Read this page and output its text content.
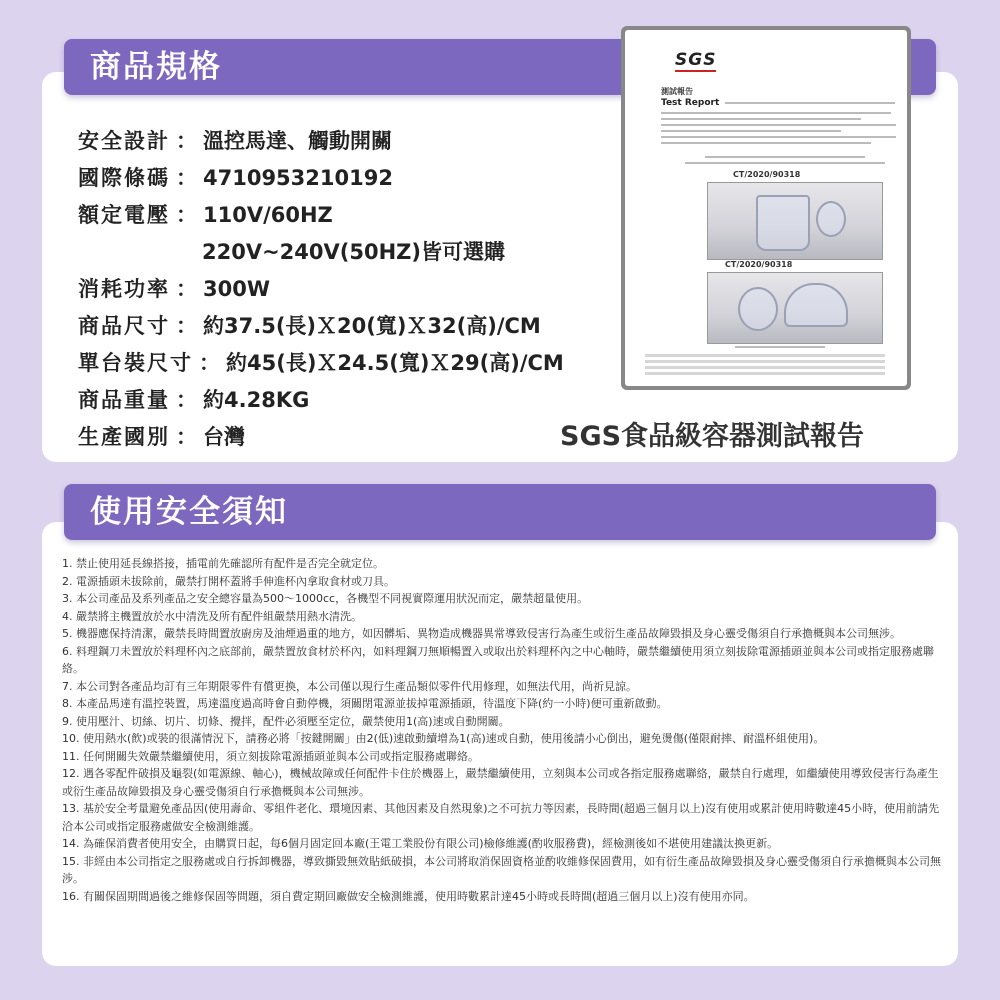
商品規格
安全設計 ： 溫控馬達、觸動開關
國際條碼 ： 4710953210192
額定電壓 ： 110V/60HZ
220V~240V(50HZ)皆可選購
消耗功率 ： 300W
商品尺寸 ： 約37.5(長)Ｘ20(寬)Ｘ32(高)/CM
單台裝尺寸 ： 約45(長)Ｘ24.5(寬)Ｘ29(高)/CM
商品重量 ： 約4.28KG
生產國別 ： 台灣
SGS
測試報告
Test Report
CT/2020/90318
CT/2020/90318
SGS食品級容器測試報告
使用安全須知
1. 禁止使用延長線搭接，插電前先確認所有配件是否完全就定位。
2. 電源插頭未拔除前，嚴禁打開杯蓋將手伸進杯內拿取食材或刀具。
3. 本公司產品及系列產品之安全總容量為500～1000cc，各機型不同視實際運用狀況而定，嚴禁超量使用。
4. 嚴禁將主機置放於水中清洗及所有配件組嚴禁用熱水清洗。
5. 機器應保持清潔，嚴禁長時間置放廚房及油煙過重的地方，如因髒垢、異物造成機器異常導致侵害行為產生或衍生產品故障毀損及身心靈受傷須自行承擔概與本公司無涉。
6. 料理鋼刀未置放於料理杯內之底部前，嚴禁置放食材於杯內，如料理鋼刀無順暢置入或取出於料理杯內之中心軸時，嚴禁繼續使用須立刻拔除電源插頭並與本公司或指定服務處聯絡。
7. 本公司對各產品均訂有三年期限零件有償更換，本公司僅以現行生產品類似零件代用修理，如無法代用，尚祈見諒。
8. 本產品馬達有溫控裝置，馬達溫度過高時會自動停機，須關閉電源並拔掉電源插頭，待溫度下降(約一小時)便可重新啟動。
9. 使用壓汁、切絲、切片、切條、攪拌，配件必須壓至定位，嚴禁使用1(高)速或自動開關。
10. 使用熱水(飲)或裝的很滿情況下，請務必將「按鍵開關」由2(低)速啟動續增為1(高)速或自動，使用後請小心倒出，避免燙傷(僅限耐摔、耐溫杯組使用)。
11. 任何開關失效嚴禁繼續使用，須立刻拔除電源插頭並與本公司或指定服務處聯絡。
12. 遇各零配件破損及龜裂(如電源線、軸心)，機械故障或任何配件卡住於機器上，嚴禁繼續使用，立刻與本公司或各指定服務處聯絡，嚴禁自行處理，如繼續使用導致侵害行為產生或衍生產品故障毀損及身心靈受傷須自行承擔概與本公司無涉。
13. 基於安全考量避免產品因(使用壽命、零組件老化、環境因素、其他因素及自然現象)之不可抗力等因素，長時間(超過三個月以上)沒有使用或累計使用時數達45小時，使用前請先洽本公司或指定服務處做安全檢測維護。
14. 為確保消費者使用安全，由購買日起，每6個月固定回本廠(王電工業股份有限公司)檢修維護(酌收服務費)，經檢測後如不堪使用建議汰換更新。
15. 非經由本公司指定之服務處或自行拆卸機器，導致撕毀無效貼紙破損，本公司將取消保固資格並酌收維修保固費用，如有衍生產品故障毀損及身心靈受傷須自行承擔概與本公司無涉。
16. 有關保固期間過後之維修保固等問題，須自費定期回廠做安全檢測維護，使用時數累計達45小時或長時間(超過三個月以上)沒有使用亦同。
